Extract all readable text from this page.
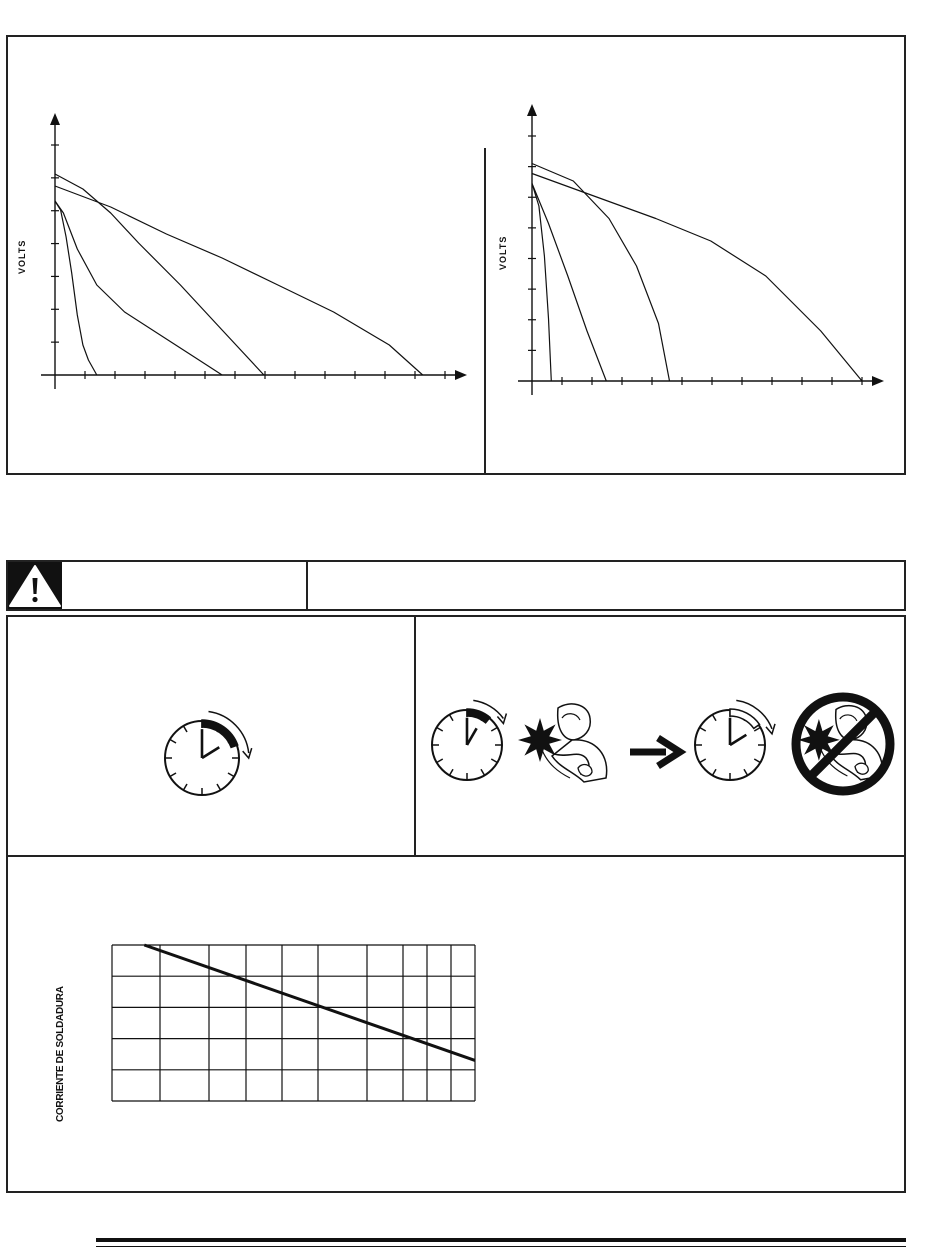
VOLTS	VOLTS
CORRIENTE DE SOLDADURA
